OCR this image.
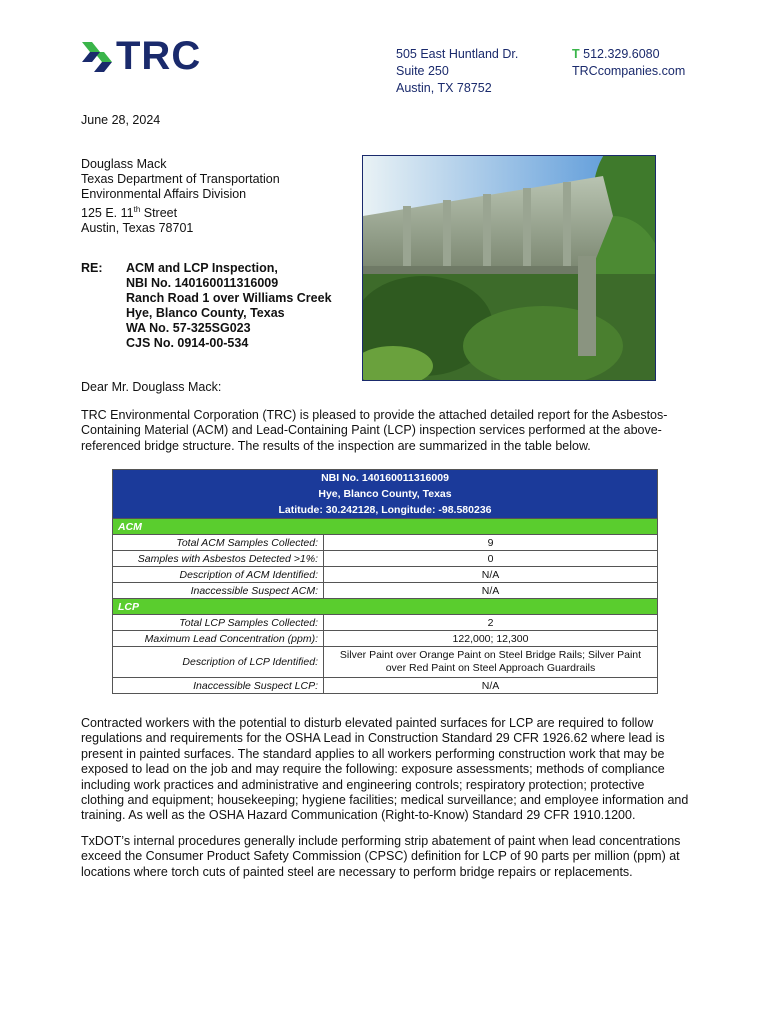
TRC	505 East Huntland Dr.
Suite 250
Austin, TX 78752
T 512.329.6080
TRCcompanies.com
June 28, 2024
Douglass Mack
Texas Department of Transportation
Environmental Affairs Division
125 E. 11th Street
Austin, Texas 78701
RE: ACM and LCP Inspection,
NBI No. 140160011316009
Ranch Road 1 over Williams Creek
Hye, Blanco County, Texas
WA No. 57-325SG023
CJS No. 0914-00-534
Dear Mr. Douglass Mack:
TRC Environmental Corporation (TRC) is pleased to provide the attached detailed report for the Asbestos-Containing Material (ACM) and Lead-Containing Paint (LCP) inspection services performed at the above-referenced bridge structure. The results of the inspection are summarized in the table below.
NBI No. 140160011316009
Hye, Blanco County, Texas
Latitude: 30.242128, Longitude: -98.580236	

ACM	
Total ACM Samples Collected:	9
Samples with Asbestos Detected >1%:	0
Description of ACM Identified:	N/A
Inaccessible Suspect ACM:	N/A
LCP	
Total LCP Samples Collected:	2
Maximum Lead Concentration (ppm):	122,000; 12,300
Description of LCP Identified:	Silver Paint over Orange Paint on Steel Bridge Rails; Silver Paint over Red Paint on Steel Approach Guardrails
Inaccessible Suspect LCP:	N/A
Contracted workers with the potential to disturb elevated painted surfaces for LCP are required to follow regulations and requirements for the OSHA Lead in Construction Standard 29 CFR 1926.62 where lead is present in painted surfaces. The standard applies to all workers performing construction work that may be exposed to lead on the job and may require the following: exposure assessments; methods of compliance including work practices and administrative and engineering controls; respiratory protection; protective clothing and equipment; housekeeping; hygiene facilities; medical surveillance; and employee information and training. As well as the OSHA Hazard Communication (Right-to-Know) Standard 29 CFR 1910.1200.
TxDOT’s internal procedures generally include performing strip abatement of paint when lead concentrations exceed the Consumer Product Safety Commission (CPSC) definition for LCP of 90 parts per million (ppm) at locations where torch cuts of painted steel are necessary to perform bridge repairs or replacements.
